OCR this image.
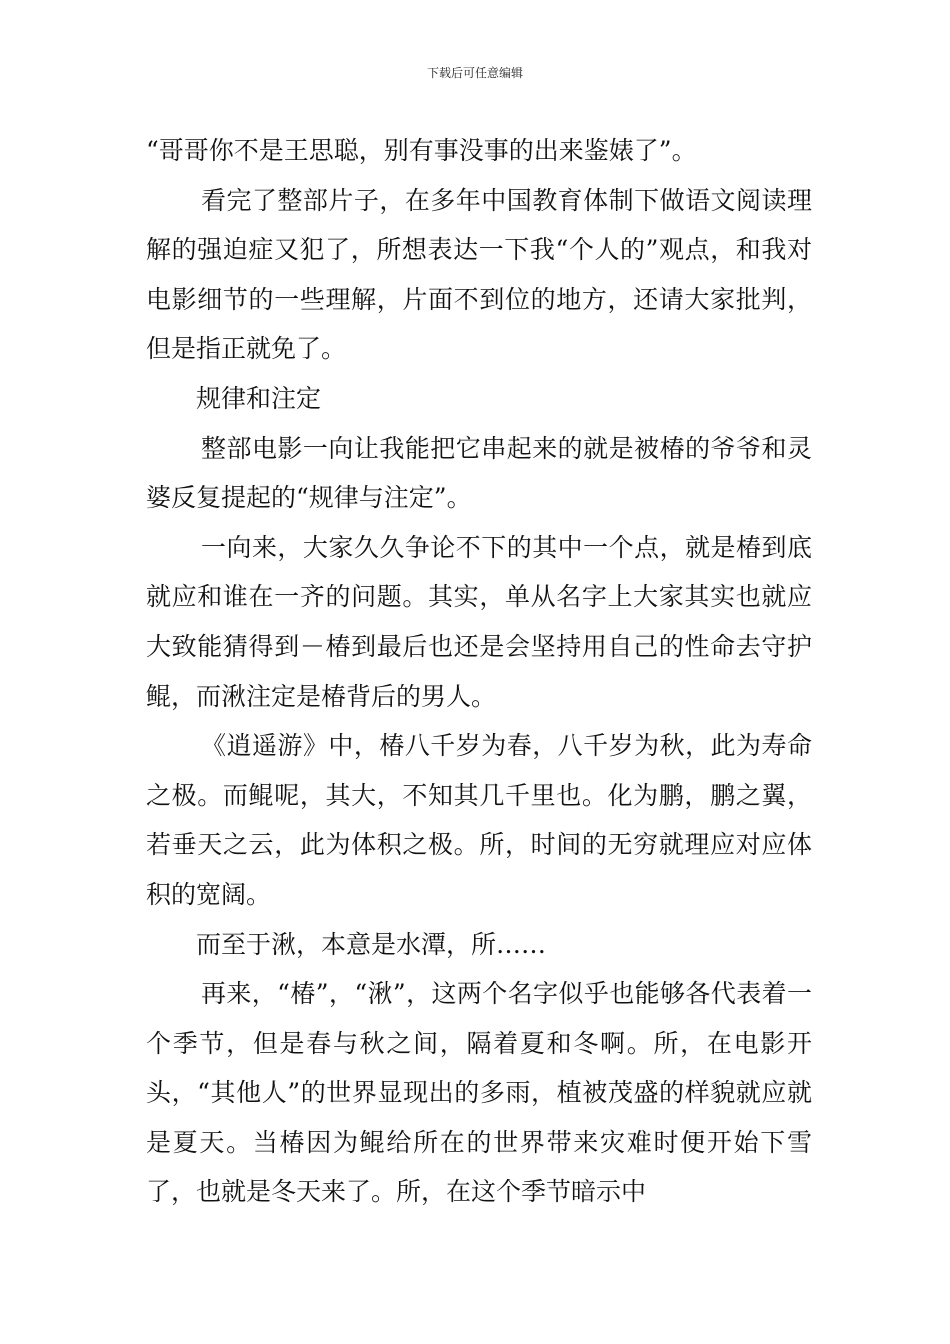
下载后可任意编辑

“哥哥你不是王思聪，别有事没事的出来鉴婊了”。

看完了整部片子，在多年中国教育体制下做语文阅读理解的强迫症又犯了，所想表达一下我“个人的”观点，和我对电影细节的一些理解，片面不到位的地方，还请大家批判，但是指正就免了。

规律和注定

整部电影一向让我能把它串起来的就是被椿的爷爷和灵婆反复提起的“规律与注定”。

一向来，大家久久争论不下的其中一个点，就是椿到底就应和谁在一齐的问题。其实，单从名字上大家其实也就应大致能猜得到－椿到最后也还是会坚持用自己的性命去守护鲲，而湫注定是椿背后的男人。

《逍遥游》中，椿八千岁为春，八千岁为秋，此为寿命之极。而鲲呢，其大，不知其几千里也。化为鹏，鹏之翼，若垂天之云，此为体积之极。所，时间的无穷就理应对应体积的宽阔。

而至于湫，本意是水潭，所……

再来，“椿”，“湫”，这两个名字似乎也能够各代表着一个季节，但是春与秋之间，隔着夏和冬啊。所，在电影开头，“其他人”的世界显现出的多雨，植被茂盛的样貌就应就是夏天。当椿因为鲲给所在的世界带来灾难时便开始下雪了，也就是冬天来了。所，在这个季节暗示中
